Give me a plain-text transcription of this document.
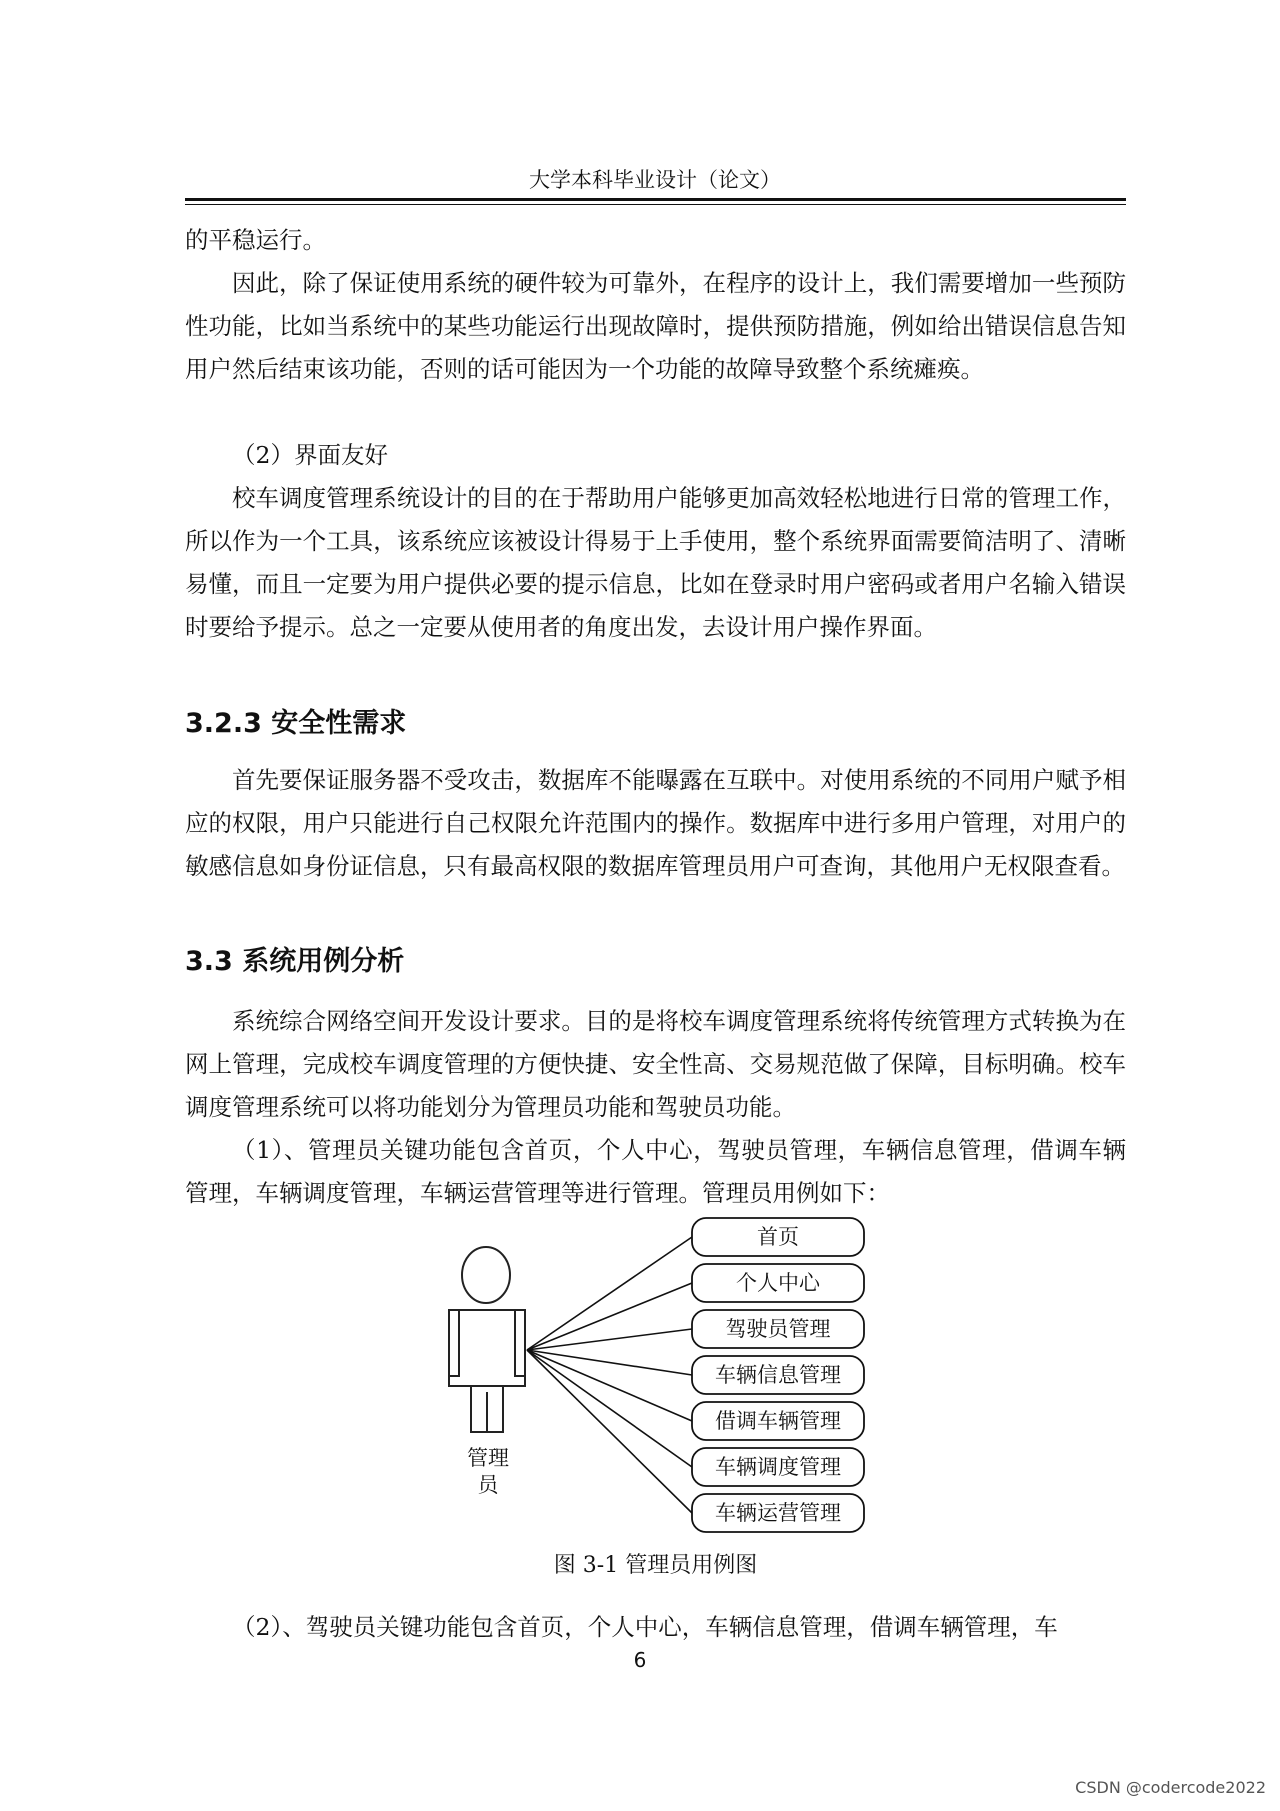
大学本科毕业设计（论文）

的平稳运行。

因此，除了保证使用系统的硬件较为可靠外，在程序的设计上，我们需要增加一些预防性功能，比如当系统中的某些功能运行出现故障时，提供预防措施，例如给出错误信息告知用户然后结束该功能，否则的话可能因为一个功能的故障导致整个系统瘫痪。

（2）界面友好

校车调度管理系统设计的目的在于帮助用户能够更加高效轻松地进行日常的管理工作，所以作为一个工具，该系统应该被设计得易于上手使用，整个系统界面需要简洁明了、清晰易懂，而且一定要为用户提供必要的提示信息，比如在登录时用户密码或者用户名输入错误时要给予提示。总之一定要从使用者的角度出发，去设计用户操作界面。

3.2.3 安全性需求

首先要保证服务器不受攻击，数据库不能曝露在互联中。对使用系统的不同用户赋予相应的权限，用户只能进行自己权限允许范围内的操作。数据库中进行多用户管理，对用户的敏感信息如身份证信息，只有最高权限的数据库管理员用户可查询，其他用户无权限查看。

3.3 系统用例分析

系统综合网络空间开发设计要求。目的是将校车调度管理系统将传统管理方式转换为在网上管理，完成校车调度管理的方便快捷、安全性高、交易规范做了保障，目标明确。校车调度管理系统可以将功能划分为管理员功能和驾驶员功能。

（1）、管理员关键功能包含首页，个人中心，驾驶员管理，车辆信息管理，借调车辆管理，车辆调度管理，车辆运营管理等进行管理。管理员用例如下：

管理
员
首页
个人中心
驾驶员管理
车辆信息管理
借调车辆管理
车辆调度管理
车辆运营管理
图 3-1 管理员用例图

（2）、驾驶员关键功能包含首页，个人中心，车辆信息管理，借调车辆管理，车

6
CSDN @codercode2022
